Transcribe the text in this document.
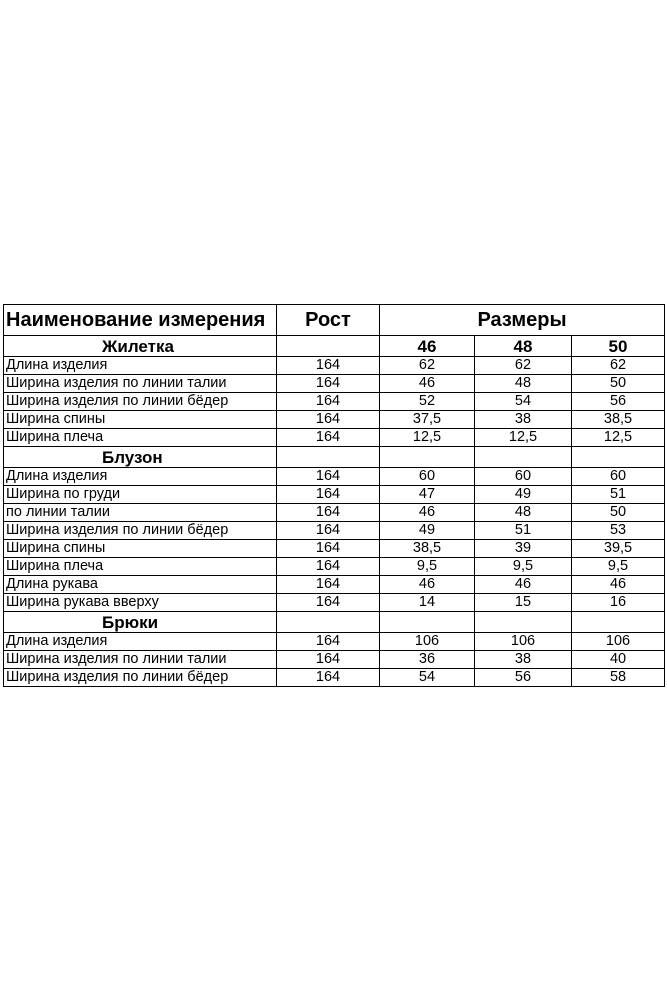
Наименование измерения	Рост	Размеры		
Жилетка		46	48	50
Длина изделия	164	62	62	62
Ширина изделия по линии талии	164	46	48	50
Ширина изделия по линии бёдер	164	52	54	56
Ширина спины	164	37,5	38	38,5
Ширина плеча	164	12,5	12,5	12,5
Блузон				
Длина изделия	164	60	60	60
Ширина по груди	164	47	49	51
по линии талии	164	46	48	50
Ширина изделия по линии бёдер	164	49	51	53
Ширина спины	164	38,5	39	39,5
Ширина плеча	164	9,5	9,5	9,5
Длина рукава	164	46	46	46
Ширина рукава вверху	164	14	15	16
Брюки				
Длина изделия	164	106	106	106
Ширина изделия по линии талии	164	36	38	40
Ширина изделия по линии бёдер	164	54	56	58
